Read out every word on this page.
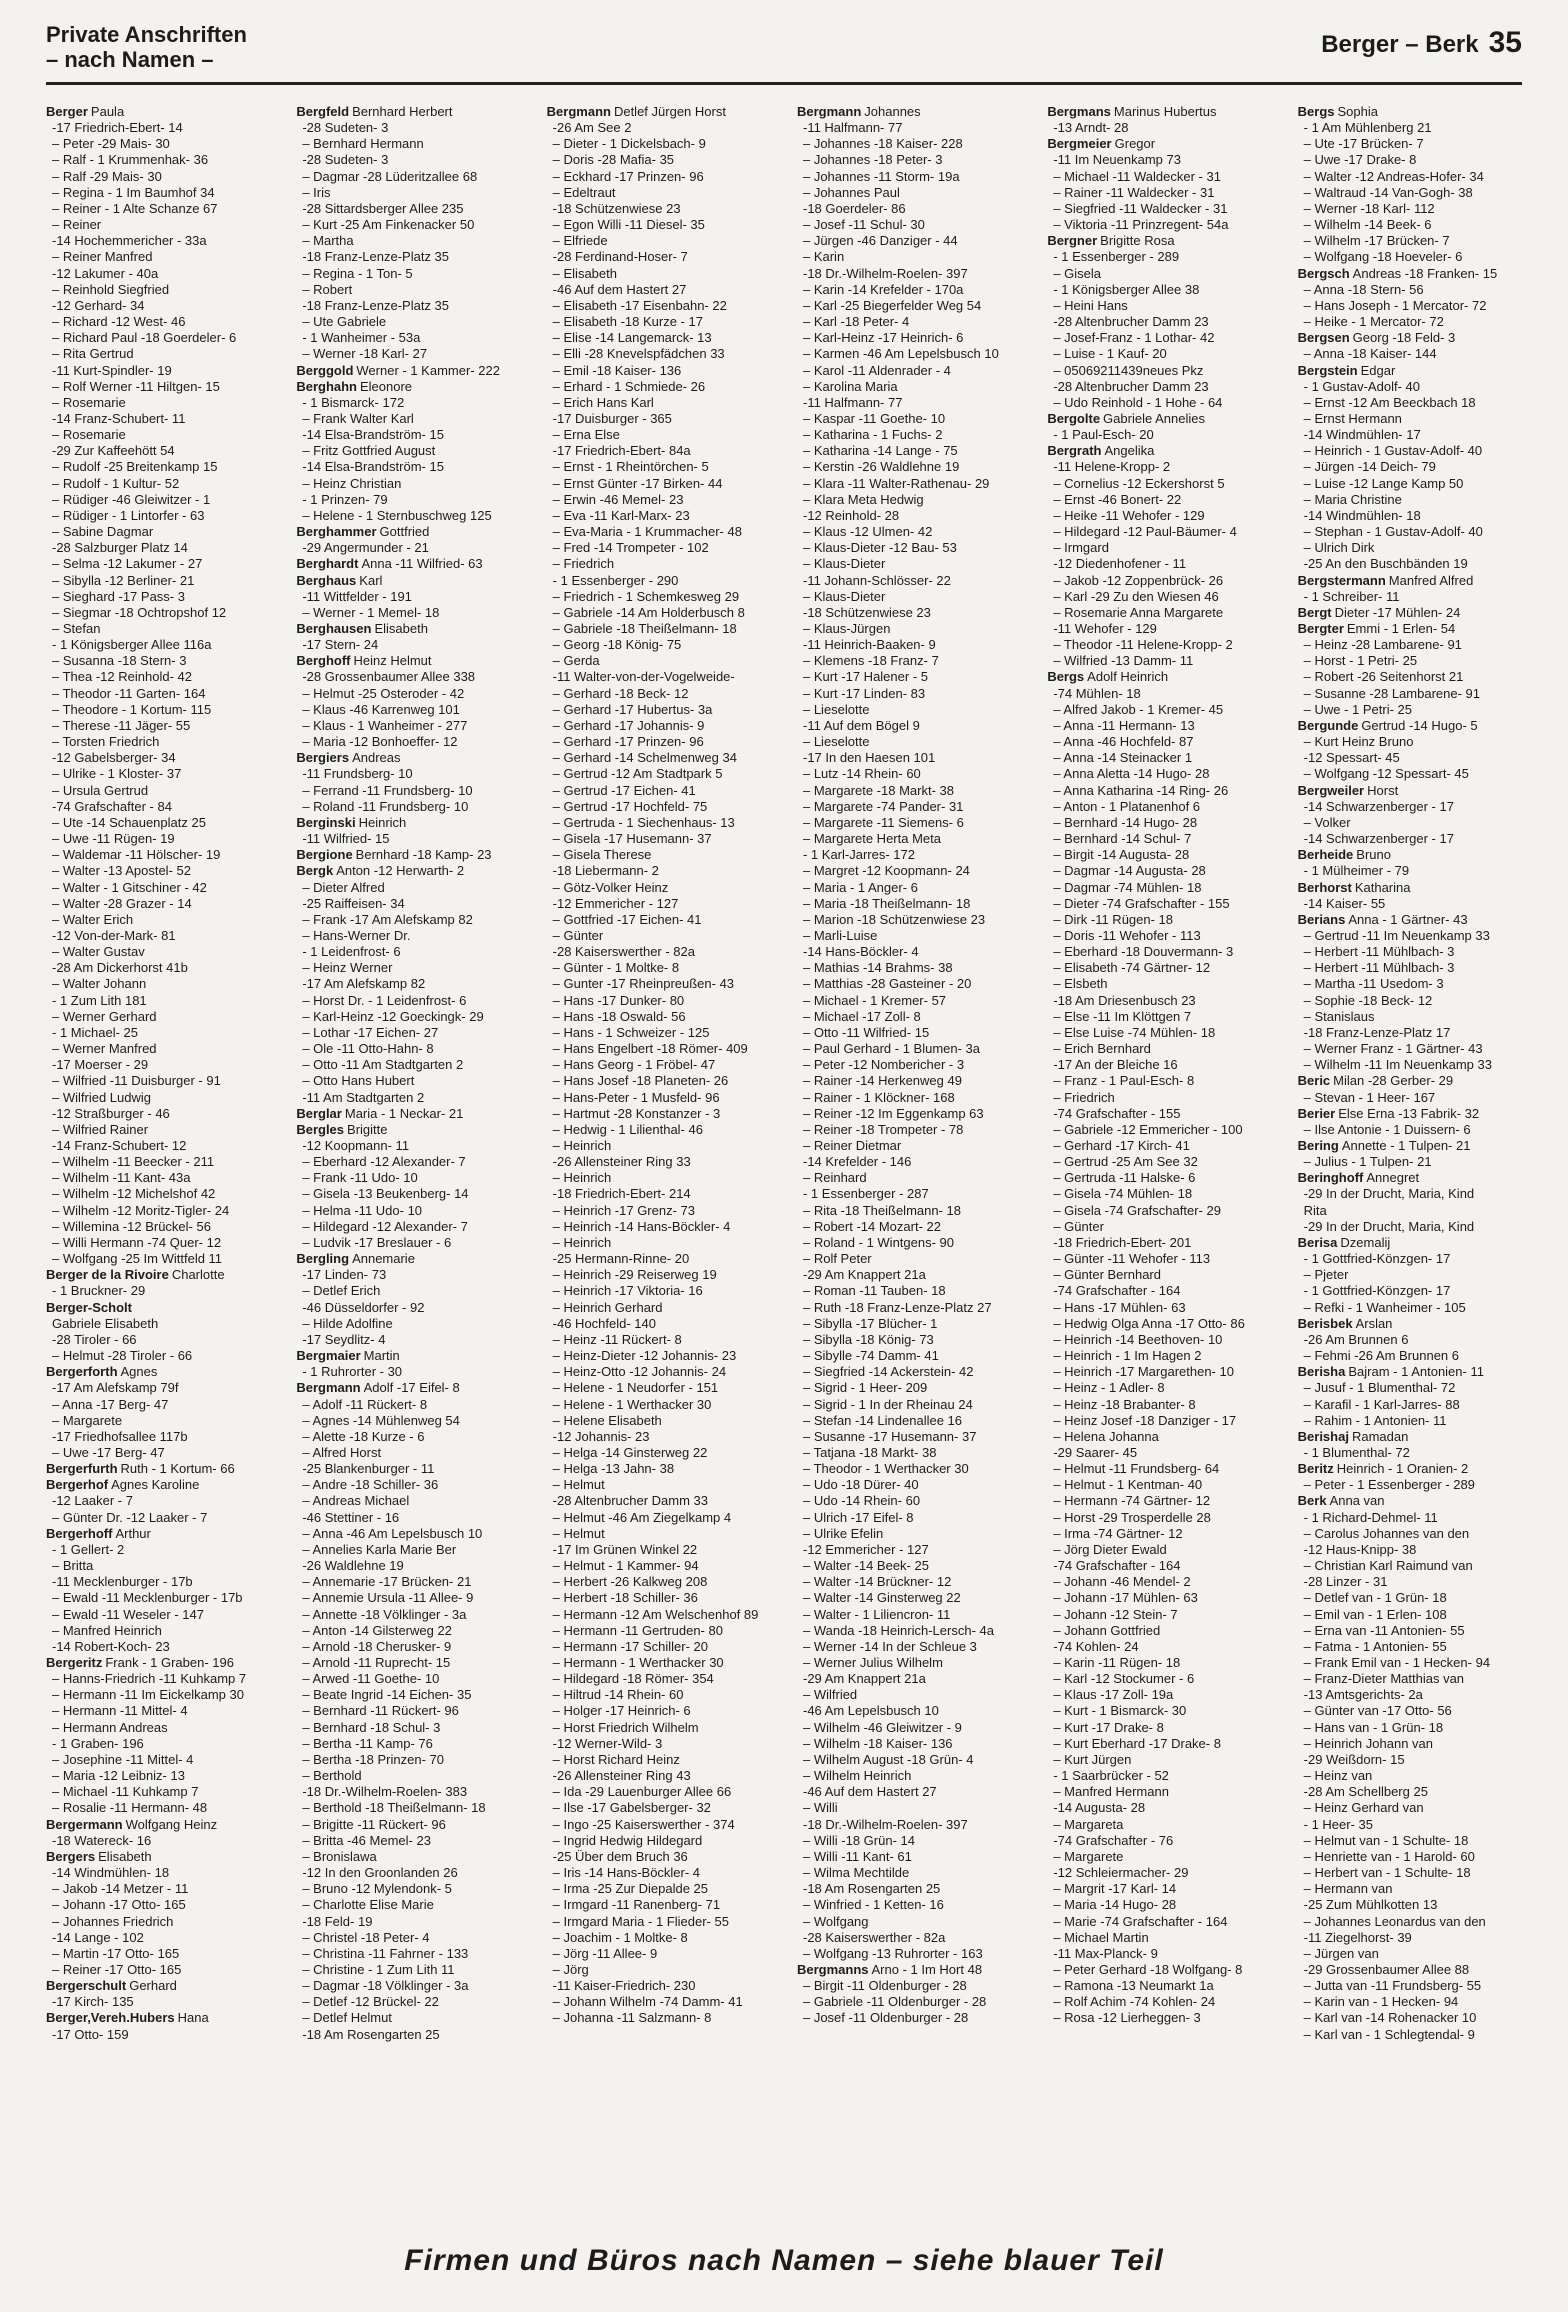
Private Anschriften
– nach Namen –
Berger – Berk 35
Berger Paula
-17 Friedrich-Ebert- 14
– Peter -29 Mais- 30
– Ralf - 1 Krummenhak- 36
– Ralf -29 Mais- 30
– Regina - 1 Im Baumhof 34
– Reiner - 1 Alte Schanze 67
– Reiner
-14 Hochemmericher - 33a
– Reiner Manfred
-12 Lakumer - 40a
– Reinhold Siegfried
-12 Gerhard- 34
– Richard -12 West- 46
– Richard Paul -18 Goerdeler- 6
– Rita Gertrud
-11 Kurt-Spindler- 19
– Rolf Werner -11 Hiltgen- 15
– Rosemarie
-14 Franz-Schubert- 11
– Rosemarie
-29 Zur Kaffeehött 54
– Rudolf -25 Breitenkamp 15
– Rudolf - 1 Kultur- 52
– Rüdiger -46 Gleiwitzer - 1
– Rüdiger - 1 Lintorfer - 63
– Sabine Dagmar
-28 Salzburger Platz 14
– Selma -12 Lakumer - 27
– Sibylla -12 Berliner- 21
– Sieghard -17 Pass- 3
– Siegmar -18 Ochtropshof 12
– Stefan
- 1 Königsberger Allee 116a
– Susanna -18 Stern- 3
– Thea -12 Reinhold- 42
– Theodor -11 Garten- 164
– Theodore - 1 Kortum- 115
– Therese -11 Jäger- 55
– Torsten Friedrich
-12 Gabelsberger- 34
– Ulrike - 1 Kloster- 37
– Ursula Gertrud
-74 Grafschafter - 84
– Ute -14 Schauenplatz 25
– Uwe -11 Rügen- 19
– Waldemar -11 Hölscher- 19
– Walter -13 Apostel- 52
– Walter - 1 Gitschiner - 42
– Walter -28 Grazer - 14
– Walter Erich
-12 Von-der-Mark- 81
– Walter Gustav
-28 Am Dickerhorst 41b
– Walter Johann
- 1 Zum Lith 181
– Werner Gerhard
- 1 Michael- 25
– Werner Manfred
-17 Moerser - 29
– Wilfried -11 Duisburger - 91
– Wilfried Ludwig
-12 Straßburger - 46
– Wilfried Rainer
-14 Franz-Schubert- 12
– Wilhelm -11 Beecker - 211
– Wilhelm -11 Kant- 43a
– Wilhelm -12 Michelshof 42
– Wilhelm -12 Moritz-Tigler- 24
– Willemina -12 Brückel- 56
– Willi Hermann -74 Quer- 12
– Wolfgang -25 Im Wittfeld 11
Berger de la Rivoire Charlotte
- 1 Bruckner- 29
Berger-Scholt
Gabriele Elisabeth
-28 Tiroler - 66
– Helmut -28 Tiroler - 66
Bergerforth Agnes
-17 Am Alefskamp 79f
– Anna -17 Berg- 47
– Margarete
-17 Friedhofsallee 117b
– Uwe -17 Berg- 47
Bergerfurth Ruth - 1 Kortum- 66
Bergerhof Agnes Karoline
-12 Laaker - 7
– Günter Dr. -12 Laaker - 7
Bergerhoff Arthur
- 1 Gellert- 2
– Britta
-11 Mecklenburger - 17b
– Ewald -11 Mecklenburger - 17b
– Ewald -11 Weseler - 147
– Manfred Heinrich
-14 Robert-Koch- 23
Bergeritz Frank - 1 Graben- 196
– Hanns-Friedrich -11 Kuhkamp 7
– Hermann -11 Im Eickelkamp 30
– Hermann -11 Mittel- 4
– Hermann Andreas
- 1 Graben- 196
– Josephine -11 Mittel- 4
– Maria -12 Leibniz- 13
– Michael -11 Kuhkamp 7
– Rosalie -11 Hermann- 48
Bergermann Wolfgang Heinz
-18 Watereck- 16
Bergers Elisabeth
-14 Windmühlen- 18
– Jakob -14 Metzer - 11
– Johann -17 Otto- 165
– Johannes Friedrich
-14 Lange - 102
– Martin -17 Otto- 165
– Reiner -17 Otto- 165
Bergerschult Gerhard
-17 Kirch- 135
Berger,Vereh.Hubers Hana
-17 Otto- 159
Bergfeld Bernhard Herbert
-28 Sudeten- 3
– Bernhard Hermann
-28 Sudeten- 3
– Dagmar -28 Lüderitzallee 68
– Iris
-28 Sittardsberger Allee 235
– Kurt -25 Am Finkenacker 50
– Martha
-18 Franz-Lenze-Platz 35
– Regina - 1 Ton- 5
– Robert
-18 Franz-Lenze-Platz 35
– Ute Gabriele
- 1 Wanheimer - 53a
– Werner -18 Karl- 27
Berggold Werner - 1 Kammer- 222
Berghahn Eleonore
- 1 Bismarck- 172
– Frank Walter Karl
-14 Elsa-Brandström- 15
– Fritz Gottfried August
-14 Elsa-Brandström- 15
– Heinz Christian
- 1 Prinzen- 79
– Helene - 1 Sternbuschweg 125
Berghammer Gottfried
-29 Angermunder - 21
Berghardt Anna -11 Wilfried- 63
Berghaus Karl
-11 Wittfelder - 191
– Werner - 1 Memel- 18
Berghausen Elisabeth
-17 Stern- 24
Berghoff Heinz Helmut
-28 Grossenbaumer Allee 338
– Helmut -25 Osteroder - 42
– Klaus -46 Karrenweg 101
– Klaus - 1 Wanheimer - 277
– Maria -12 Bonhoeffer- 12
Bergiers Andreas
-11 Frundsberg- 10
– Ferrand -11 Frundsberg- 10
– Roland -11 Frundsberg- 10
Berginski Heinrich
-11 Wilfried- 15
Bergione Bernhard -18 Kamp- 23
Bergk Anton -12 Herwarth- 2
– Dieter Alfred
-25 Raiffeisen- 34
– Frank -17 Am Alefskamp 82
– Hans-Werner Dr.
- 1 Leidenfrost- 6
– Heinz Werner
-17 Am Alefskamp 82
– Horst Dr. - 1 Leidenfrost- 6
– Karl-Heinz -12 Goeckingk- 29
– Lothar -17 Eichen- 27
– Ole -11 Otto-Hahn- 8
– Otto -11 Am Stadtgarten 2
– Otto Hans Hubert
-11 Am Stadtgarten 2
Berglar Maria - 1 Neckar- 21
Bergles Brigitte
-12 Koopmann- 11
– Eberhard -12 Alexander- 7
– Frank -11 Udo- 10
– Gisela -13 Beukenberg- 14
– Helma -11 Udo- 10
– Hildegard -12 Alexander- 7
– Ludvik -17 Breslauer - 6
Bergling Annemarie
-17 Linden- 73
– Detlef Erich
-46 Düsseldorfer - 92
– Hilde Adolfine
-17 Seydlitz- 4
Bergmaier Martin
- 1 Ruhrorter - 30
Bergmann Adolf -17 Eifel- 8
– Adolf -11 Rückert- 8
– Agnes -14 Mühlenweg 54
– Alette -18 Kurze - 6
– Alfred Horst
-25 Blankenburger - 11
– Andre -18 Schiller- 36
– Andreas Michael
-46 Stettiner - 16
– Anna -46 Am Lepelsbusch 10
– Annelies Karla Marie Ber
-26 Waldlehne 19
– Annemarie -17 Brücken- 21
– Annemie Ursula -11 Allee- 9
– Annette -18 Völklinger - 3a
– Anton -14 Gilsterweg 22
– Arnold -18 Cherusker- 9
– Arnold -11 Ruprecht- 15
– Arwed -11 Goethe- 10
– Beate Ingrid -14 Eichen- 35
– Bernhard -11 Rückert- 96
– Bernhard -18 Schul- 3
– Bertha -11 Kamp- 76
– Bertha -18 Prinzen- 70
– Berthold
-18 Dr.-Wilhelm-Roelen- 383
– Berthold -18 Theißelmann- 18
– Brigitte -11 Rückert- 96
– Britta -46 Memel- 23
– Bronislawa
-12 In den Groonlanden 26
– Bruno -12 Mylendonk- 5
– Charlotte Elise Marie
-18 Feld- 19
– Christel -18 Peter- 4
– Christina -11 Fahrner - 133
– Christine - 1 Zum Lith 11
– Dagmar -18 Völklinger - 3a
– Detlef -12 Brückel- 22
– Detlef Helmut
-18 Am Rosengarten 25
Bergmann Detlef Jürgen Horst
-26 Am See 2
– Dieter - 1 Dickelsbach- 9
– Doris -28 Mafia- 35
– Eckhard -17 Prinzen- 96
– Edeltraut
-18 Schützenwiese 23
– Egon Willi -11 Diesel- 35
– Elfriede
-28 Ferdinand-Hoser- 7
– Elisabeth
-46 Auf dem Hastert 27
– Elisabeth -17 Eisenbahn- 22
– Elisabeth -18 Kurze - 17
– Elise -14 Langemarck- 13
– Elli -28 Knevelspfädchen 33
– Emil -18 Kaiser- 136
– Erhard - 1 Schmiede- 26
– Erich Hans Karl
-17 Duisburger - 365
– Erna Else
-17 Friedrich-Ebert- 84a
– Ernst - 1 Rheintörchen- 5
– Ernst Günter -17 Birken- 44
– Erwin -46 Memel- 23
– Eva -11 Karl-Marx- 23
– Eva-Maria - 1 Krummacher- 48
– Fred -14 Trompeter - 102
– Friedrich
- 1 Essenberger - 290
– Friedrich - 1 Schemkesweg 29
– Gabriele -14 Am Holderbusch 8
– Gabriele -18 Theißelmann- 18
– Georg -18 König- 75
– Gerda
-11 Walter-von-der-Vogelweide-
– Gerhard -18 Beck- 12
– Gerhard -17 Hubertus- 3a
– Gerhard -17 Johannis- 9
– Gerhard -17 Prinzen- 96
– Gerhard -14 Schelmenweg 34
– Gertrud -12 Am Stadtpark 5
– Gertrud -17 Eichen- 41
– Gertrud -17 Hochfeld- 75
– Gertruda - 1 Siechenhaus- 13
– Gisela -17 Husemann- 37
– Gisela Therese
-18 Liebermann- 2
– Götz-Volker Heinz
-12 Emmericher - 127
– Gottfried -17 Eichen- 41
– Günter
-28 Kaiserswerther - 82a
– Günter - 1 Moltke- 8
– Gunter -17 Rheinpreußen- 43
– Hans -17 Dunker- 80
– Hans -18 Oswald- 56
– Hans - 1 Schweizer - 125
– Hans Engelbert -18 Römer- 409
– Hans Georg - 1 Fröbel- 47
– Hans Josef -18 Planeten- 26
– Hans-Peter - 1 Musfeld- 96
– Hartmut -28 Konstanzer - 3
– Hedwig - 1 Lilienthal- 46
– Heinrich
-26 Allensteiner Ring 33
– Heinrich
-18 Friedrich-Ebert- 214
– Heinrich -17 Grenz- 73
– Heinrich -14 Hans-Böckler- 4
– Heinrich
-25 Hermann-Rinne- 20
– Heinrich -29 Reiserweg 19
– Heinrich -17 Viktoria- 16
– Heinrich Gerhard
-46 Hochfeld- 140
– Heinz -11 Rückert- 8
– Heinz-Dieter -12 Johannis- 23
– Heinz-Otto -12 Johannis- 24
– Helene - 1 Neudorfer - 151
– Helene - 1 Werthacker 30
– Helene Elisabeth
-12 Johannis- 23
– Helga -14 Ginsterweg 22
– Helga -13 Jahn- 38
– Helmut
-28 Altenbrucher Damm 33
– Helmut -46 Am Ziegelkamp 4
– Helmut
-17 Im Grünen Winkel 22
– Helmut - 1 Kammer- 94
– Herbert -26 Kalkweg 208
– Herbert -18 Schiller- 36
– Hermann -12 Am Welschenhof 89
– Hermann -11 Gertruden- 80
– Hermann -17 Schiller- 20
– Hermann - 1 Werthacker 30
– Hildegard -18 Römer- 354
– Hiltrud -14 Rhein- 60
– Holger -17 Heinrich- 6
– Horst Friedrich Wilhelm
-12 Werner-Wild- 3
– Horst Richard Heinz
-26 Allensteiner Ring 43
– Ida -29 Lauenburger Allee 66
– Ilse -17 Gabelsberger- 32
– Ingo -25 Kaiserswerther - 374
– Ingrid Hedwig Hildegard
-25 Über dem Bruch 36
– Iris -14 Hans-Böckler- 4
– Irma -25 Zur Diepalde 25
– Irmgard -11 Ranenberg- 71
– Irmgard Maria - 1 Flieder- 55
– Joachim - 1 Moltke- 8
– Jörg -11 Allee- 9
– Jörg
-11 Kaiser-Friedrich- 230
– Johann Wilhelm -74 Damm- 41
– Johanna -11 Salzmann- 8
Bergmann Johannes
-11 Halfmann- 77
– Johannes -18 Kaiser- 228
– Johannes -18 Peter- 3
– Johannes -11 Storm- 19a
– Johannes Paul
-18 Goerdeler- 86
– Josef -11 Schul- 30
– Jürgen -46 Danziger - 44
– Karin
-18 Dr.-Wilhelm-Roelen- 397
– Karin -14 Krefelder - 170a
– Karl -25 Biegerfelder Weg 54
– Karl -18 Peter- 4
– Karl-Heinz -17 Heinrich- 6
– Karmen -46 Am Lepelsbusch 10
– Karol -11 Aldenrader - 4
– Karolina Maria
-11 Halfmann- 77
– Kaspar -11 Goethe- 10
– Katharina - 1 Fuchs- 2
– Katharina -14 Lange - 75
– Kerstin -26 Waldlehne 19
– Klara -11 Walter-Rathenau- 29
– Klara Meta Hedwig
-12 Reinhold- 28
– Klaus -12 Ulmen- 42
– Klaus-Dieter -12 Bau- 53
– Klaus-Dieter
-11 Johann-Schlösser- 22
– Klaus-Dieter
-18 Schützenwiese 23
– Klaus-Jürgen
-11 Heinrich-Baaken- 9
– Klemens -18 Franz- 7
– Kurt -17 Halener - 5
– Kurt -17 Linden- 83
– Lieselotte
-11 Auf dem Bögel 9
– Lieselotte
-17 In den Haesen 101
– Lutz -14 Rhein- 60
– Margarete -18 Markt- 38
– Margarete -74 Pander- 31
– Margarete -11 Siemens- 6
– Margarete Herta Meta
- 1 Karl-Jarres- 172
– Margret -12 Koopmann- 24
– Maria - 1 Anger- 6
– Maria -18 Theißelmann- 18
– Marion -18 Schützenwiese 23
– Marli-Luise
-14 Hans-Böckler- 4
– Mathias -14 Brahms- 38
– Matthias -28 Gasteiner - 20
– Michael - 1 Kremer- 57
– Michael -17 Zoll- 8
– Otto -11 Wilfried- 15
– Paul Gerhard - 1 Blumen- 3a
– Peter -12 Nombericher - 3
– Rainer -14 Herkenweg 49
– Rainer - 1 Klöckner- 168
– Reiner -12 Im Eggenkamp 63
– Reiner -18 Trompeter - 78
– Reiner Dietmar
-14 Krefelder - 146
– Reinhard
- 1 Essenberger - 287
– Rita -18 Theißelmann- 18
– Robert -14 Mozart- 22
– Roland - 1 Wintgens- 90
– Rolf Peter
-29 Am Knappert 21a
– Roman -11 Tauben- 18
– Ruth -18 Franz-Lenze-Platz 27
– Sibylla -17 Blücher- 1
– Sibylla -18 König- 73
– Sibylle -74 Damm- 41
– Siegfried -14 Ackerstein- 42
– Sigrid - 1 Heer- 209
– Sigrid - 1 In der Rheinau 24
– Stefan -14 Lindenallee 16
– Susanne -17 Husemann- 37
– Tatjana -18 Markt- 38
– Theodor - 1 Werthacker 30
– Udo -18 Dürer- 40
– Udo -14 Rhein- 60
– Ulrich -17 Eifel- 8
– Ulrike Efelin
-12 Emmericher - 127
– Walter -14 Beek- 25
– Walter -14 Brückner- 12
– Walter -14 Ginsterweg 22
– Walter - 1 Liliencron- 11
– Wanda -18 Heinrich-Lersch- 4a
– Werner -14 In der Schleue 3
– Werner Julius Wilhelm
-29 Am Knappert 21a
– Wilfried
-46 Am Lepelsbusch 10
– Wilhelm -46 Gleiwitzer - 9
– Wilhelm -18 Kaiser- 136
– Wilhelm August -18 Grün- 4
– Wilhelm Heinrich
-46 Auf dem Hastert 27
– Willi
-18 Dr.-Wilhelm-Roelen- 397
– Willi -18 Grün- 14
– Willi -11 Kant- 61
– Wilma Mechtilde
-18 Am Rosengarten 25
– Winfried - 1 Ketten- 16
– Wolfgang
-28 Kaiserswerther - 82a
– Wolfgang -13 Ruhrorter - 163
Bergmanns Arno - 1 Im Hort 48
– Birgit -11 Oldenburger - 28
– Gabriele -11 Oldenburger - 28
– Josef -11 Oldenburger - 28
Bergmans Marinus Hubertus
-13 Arndt- 28
Bergmeier Gregor
-11 Im Neuenkamp 73
– Michael -11 Waldecker - 31
– Rainer -11 Waldecker - 31
– Siegfried -11 Waldecker - 31
– Viktoria -11 Prinzregent- 54a
Bergner Brigitte Rosa
- 1 Essenberger - 289
– Gisela
- 1 Königsberger Allee 38
– Heini Hans
-28 Altenbrucher Damm 23
– Josef-Franz - 1 Lothar- 42
– Luise - 1 Kauf- 20
– 05069211439neues Pkz
-28 Altenbrucher Damm 23
– Udo Reinhold - 1 Hohe - 64
Bergolte Gabriele Annelies
- 1 Paul-Esch- 20
Bergrath Angelika
-11 Helene-Kropp- 2
– Cornelius -12 Eckershorst 5
– Ernst -46 Bonert- 22
– Heike -11 Wehofer - 129
– Hildegard -12 Paul-Bäumer- 4
– Irmgard
-12 Diedenhofener - 11
– Jakob -12 Zoppenbrück- 26
– Karl -29 Zu den Wiesen 46
– Rosemarie Anna Margarete
-11 Wehofer - 129
– Theodor -11 Helene-Kropp- 2
– Wilfried -13 Damm- 11
Bergs Adolf Heinrich
-74 Mühlen- 18
– Alfred Jakob - 1 Kremer- 45
– Anna -11 Hermann- 13
– Anna -46 Hochfeld- 87
– Anna -14 Steinacker 1
– Anna Aletta -14 Hugo- 28
– Anna Katharina -14 Ring- 26
– Anton - 1 Platanenhof 6
– Bernhard -14 Hugo- 28
– Bernhard -14 Schul- 7
– Birgit -14 Augusta- 28
– Dagmar -14 Augusta- 28
– Dagmar -74 Mühlen- 18
– Dieter -74 Grafschafter - 155
– Dirk -11 Rügen- 18
– Doris -11 Wehofer - 113
– Eberhard -18 Douvermann- 3
– Elisabeth -74 Gärtner- 12
– Elsbeth
-18 Am Driesenbusch 23
– Else -11 Im Klöttgen 7
– Else Luise -74 Mühlen- 18
– Erich Bernhard
-17 An der Bleiche 16
– Franz - 1 Paul-Esch- 8
– Friedrich
-74 Grafschafter - 155
– Gabriele -12 Emmericher - 100
– Gerhard -17 Kirch- 41
– Gertrud -25 Am See 32
– Gertruda -11 Halske- 6
– Gisela -74 Mühlen- 18
– Gisela -74 Grafschafter- 29
– Günter
-18 Friedrich-Ebert- 201
– Günter -11 Wehofer - 113
– Günter Bernhard
-74 Grafschafter - 164
– Hans -17 Mühlen- 63
– Hedwig Olga Anna -17 Otto- 86
– Heinrich -14 Beethoven- 10
– Heinrich - 1 Im Hagen 2
– Heinrich -17 Margarethen- 10
– Heinz - 1 Adler- 8
– Heinz -18 Brabanter- 8
– Heinz Josef -18 Danziger - 17
– Helena Johanna
-29 Saarer- 45
– Helmut -11 Frundsberg- 64
– Helmut - 1 Kentman- 40
– Hermann -74 Gärtner- 12
– Horst -29 Trosperdelle 28
– Irma -74 Gärtner- 12
– Jörg Dieter Ewald
-74 Grafschafter - 164
– Johann -46 Mendel- 2
– Johann -17 Mühlen- 63
– Johann -12 Stein- 7
– Johann Gottfried
-74 Kohlen- 24
– Karin -11 Rügen- 18
– Karl -12 Stockumer - 6
– Klaus -17 Zoll- 19a
– Kurt - 1 Bismarck- 30
– Kurt -17 Drake- 8
– Kurt Eberhard -17 Drake- 8
– Kurt Jürgen
- 1 Saarbrücker - 52
– Manfred Hermann
-14 Augusta- 28
– Margareta
-74 Grafschafter - 76
– Margarete
-12 Schleiermacher- 29
– Margrit -17 Karl- 14
– Maria -14 Hugo- 28
– Marie -74 Grafschafter - 164
– Michael Martin
-11 Max-Planck- 9
– Peter Gerhard -18 Wolfgang- 8
– Ramona -13 Neumarkt 1a
– Rolf Achim -74 Kohlen- 24
– Rosa -12 Lierheggen- 3
Bergs Sophia
- 1 Am Mühlenberg 21
– Ute -17 Brücken- 7
– Uwe -17 Drake- 8
– Walter -12 Andreas-Hofer- 34
– Waltraud -14 Van-Gogh- 38
– Werner -18 Karl- 112
– Wilhelm -14 Beek- 6
– Wilhelm -17 Brücken- 7
– Wolfgang -18 Hoeveler- 6
Bergsch Andreas -18 Franken- 15
– Anna -18 Stern- 56
– Hans Joseph - 1 Mercator- 72
– Heike - 1 Mercator- 72
Bergsen Georg -18 Feld- 3
– Anna -18 Kaiser- 144
Bergstein Edgar
- 1 Gustav-Adolf- 40
– Ernst -12 Am Beeckbach 18
– Ernst Hermann
-14 Windmühlen- 17
– Heinrich - 1 Gustav-Adolf- 40
– Jürgen -14 Deich- 79
– Luise -12 Lange Kamp 50
– Maria Christine
-14 Windmühlen- 18
– Stephan - 1 Gustav-Adolf- 40
– Ulrich Dirk
-25 An den Buschbänden 19
Bergstermann Manfred Alfred
- 1 Schreiber- 11
Bergt Dieter -17 Mühlen- 24
Bergter Emmi - 1 Erlen- 54
– Heinz -28 Lambarene- 91
– Horst - 1 Petri- 25
– Robert -26 Seitenhorst 21
– Susanne -28 Lambarene- 91
– Uwe - 1 Petri- 25
Bergunde Gertrud -14 Hugo- 5
– Kurt Heinz Bruno
-12 Spessart- 45
– Wolfgang -12 Spessart- 45
Bergweiler Horst
-14 Schwarzenberger - 17
– Volker
-14 Schwarzenberger - 17
Berheide Bruno
- 1 Mülheimer - 79
Berhorst Katharina
-14 Kaiser- 55
Berians Anna - 1 Gärtner- 43
– Gertrud -11 Im Neuenkamp 33
– Herbert -11 Mühlbach- 3
– Herbert -11 Mühlbach- 3
– Martha -11 Usedom- 3
– Sophie -18 Beck- 12
– Stanislaus
-18 Franz-Lenze-Platz 17
– Werner Franz - 1 Gärtner- 43
– Wilhelm -11 Im Neuenkamp 33
Beric Milan -28 Gerber- 29
– Stevan - 1 Heer- 167
Berier Else Erna -13 Fabrik- 32
– Ilse Antonie - 1 Duissern- 6
Bering Annette - 1 Tulpen- 21
– Julius - 1 Tulpen- 21
Beringhoff Annegret
-29 In der Drucht, Maria, Kind
Rita
-29 In der Drucht, Maria, Kind
Berisa Dzemalij
- 1 Gottfried-Könzgen- 17
– Pjeter
- 1 Gottfried-Könzgen- 17
– Refki - 1 Wanheimer - 105
Berisbek Arslan
-26 Am Brunnen 6
– Fehmi -26 Am Brunnen 6
Berisha Bajram - 1 Antonien- 11
– Jusuf - 1 Blumenthal- 72
– Karafil - 1 Karl-Jarres- 88
– Rahim - 1 Antonien- 11
Berishaj Ramadan
- 1 Blumenthal- 72
Beritz Heinrich - 1 Oranien- 2
– Peter - 1 Essenberger - 289
Berk Anna van
- 1 Richard-Dehmel- 11
– Carolus Johannes van den
-12 Haus-Knipp- 38
– Christian Karl Raimund van
-28 Linzer - 31
– Detlef van - 1 Grün- 18
– Emil van - 1 Erlen- 108
– Erna van -11 Antonien- 55
– Fatma - 1 Antonien- 55
– Frank Emil van - 1 Hecken- 94
– Franz-Dieter Matthias van
-13 Amtsgerichts- 2a
– Günter van -17 Otto- 56
– Hans van - 1 Grün- 18
– Heinrich Johann van
-29 Weißdorn- 15
– Heinz van
-28 Am Schellberg 25
– Heinz Gerhard van
- 1 Heer- 35
– Helmut van - 1 Schulte- 18
– Henriette van - 1 Harold- 60
– Herbert van - 1 Schulte- 18
– Hermann van
-25 Zum Mühlkotten 13
– Johannes Leonardus van den
-11 Ziegelhorst- 39
– Jürgen van
-29 Grossenbaumer Allee 88
– Jutta van -11 Frundsberg- 55
– Karin van - 1 Hecken- 94
– Karl van -14 Rohenacker 10
– Karl van - 1 Schlegtendal- 9
Firmen und Büros nach Namen – siehe blauer Teil
